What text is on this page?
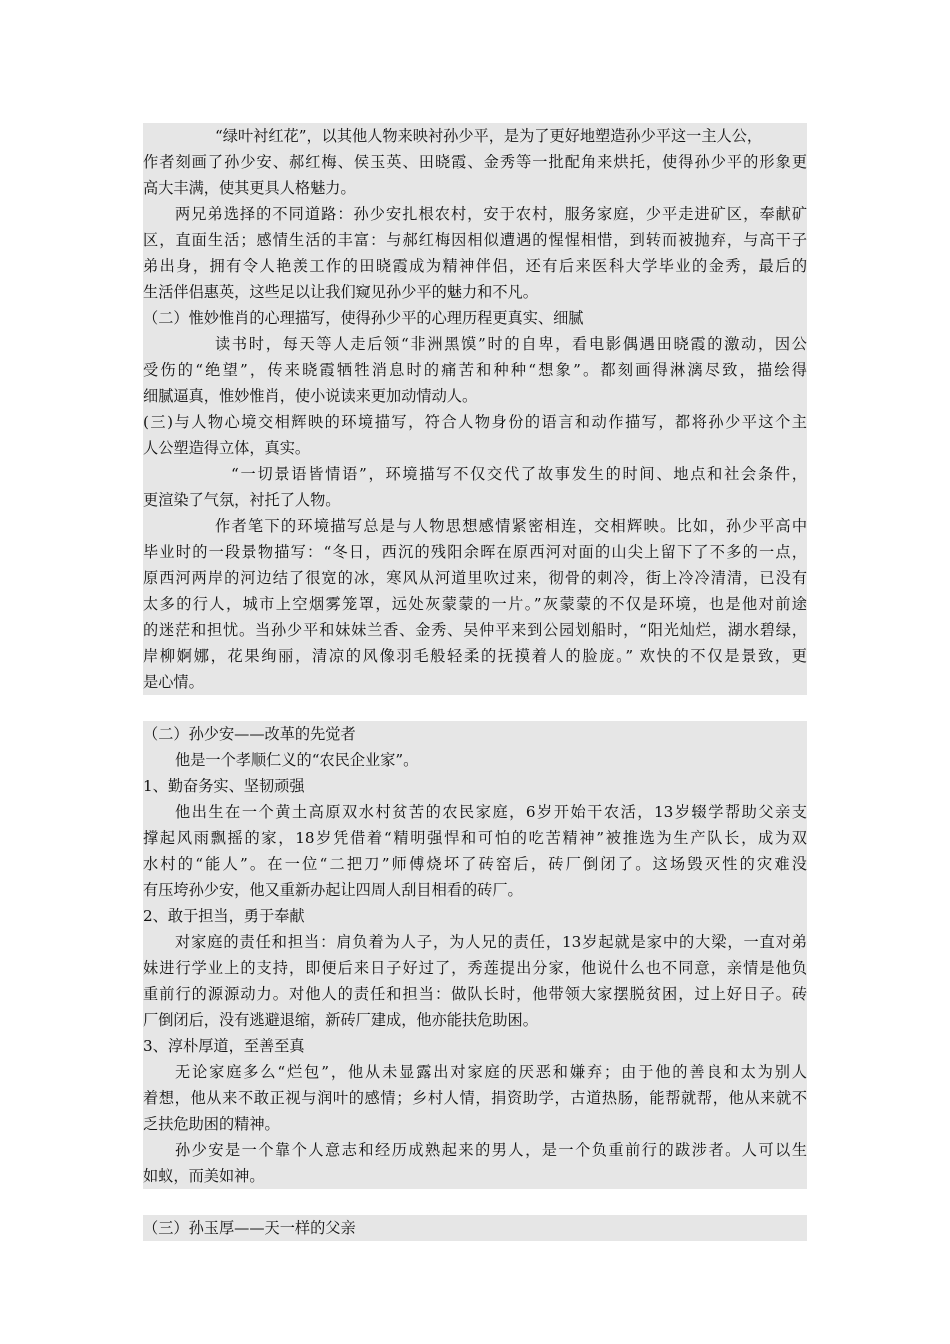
“绿叶衬红花”，以其他人物来映衬孙少平，是为了更好地塑造孙少平这一主人公，
作者刻画了孙少安、郝红梅、侯玉英、田晓霞、金秀等一批配角来烘托，使得孙少平的形象更
高大丰满，使其更具人格魅力。
两兄弟选择的不同道路：孙少安扎根农村，安于农村，服务家庭，少平走进矿区，奉献矿
区，直面生活；感情生活的丰富：与郝红梅因相似遭遇的惺惺相惜，到转而被抛弃，与高干子
弟出身，拥有令人艳羡工作的田晓霞成为精神伴侣，还有后来医科大学毕业的金秀，最后的
生活伴侣惠英，这些足以让我们窥见孙少平的魅力和不凡。
（二）惟妙惟肖的心理描写，使得孙少平的心理历程更真实、细腻
读书时，每天等人走后领“非洲黑馍”时的自卑，看电影偶遇田晓霞的激动，因公
受伤的“绝望”，传来晓霞牺牲消息时的痛苦和种种“想象”。都刻画得淋漓尽致，描绘得
细腻逼真，惟妙惟肖，使小说读来更加动情动人。
(三)与人物心境交相辉映的环境描写，符合人物身份的语言和动作描写，都将孙少平这个主
人公塑造得立体，真实。
“一切景语皆情语”，环境描写不仅交代了故事发生的时间、地点和社会条件，
更渲染了气氛，衬托了人物。
作者笔下的环境描写总是与人物思想感情紧密相连，交相辉映。比如，孙少平高中
毕业时的一段景物描写：“冬日，西沉的残阳余晖在原西河对面的山尖上留下了不多的一点，
原西河两岸的河边结了很宽的冰，寒风从河道里吹过来，彻骨的刺冷，街上冷冷清清，已没有
太多的行人，城市上空烟雾笼罩，远处灰蒙蒙的一片。”灰蒙蒙的不仅是环境，也是他对前途
的迷茫和担忧。当孙少平和妹妹兰香、金秀、吴仲平来到公园划船时，“阳光灿烂，湖水碧绿，
岸柳婀娜，花果绚丽，清凉的风像羽毛般轻柔的抚摸着人的脸庞。” 欢快的不仅是景致，更
是心情。
（二）孙少安——改革的先觉者
他是一个孝顺仁义的“农民企业家”。
1、勤奋务实、坚韧顽强
他出生在一个黄土高原双水村贫苦的农民家庭，6岁开始干农活，13岁辍学帮助父亲支
撑起风雨飘摇的家，18岁凭借着“精明强悍和可怕的吃苦精神”被推选为生产队长，成为双
水村的“能人”。在一位“二把刀”师傅烧坏了砖窑后，砖厂倒闭了。这场毁灭性的灾难没
有压垮孙少安，他又重新办起让四周人刮目相看的砖厂。
2、敢于担当，勇于奉献
对家庭的责任和担当：肩负着为人子，为人兄的责任，13岁起就是家中的大梁，一直对弟
妹进行学业上的支持，即便后来日子好过了，秀莲提出分家，他说什么也不同意，亲情是他负
重前行的源源动力。对他人的责任和担当：做队长时，他带领大家摆脱贫困，过上好日子。砖
厂倒闭后，没有逃避退缩，新砖厂建成，他亦能扶危助困。
3、淳朴厚道，至善至真
无论家庭多么“烂包”，他从未显露出对家庭的厌恶和嫌弃；由于他的善良和太为别人
着想，他从来不敢正视与润叶的感情；乡村人情，捐资助学，古道热肠，能帮就帮，他从来就不
乏扶危助困的精神。
孙少安是一个靠个人意志和经历成熟起来的男人，是一个负重前行的跋涉者。人可以生
如蚁，而美如神。
（三）孙玉厚——天一样的父亲
